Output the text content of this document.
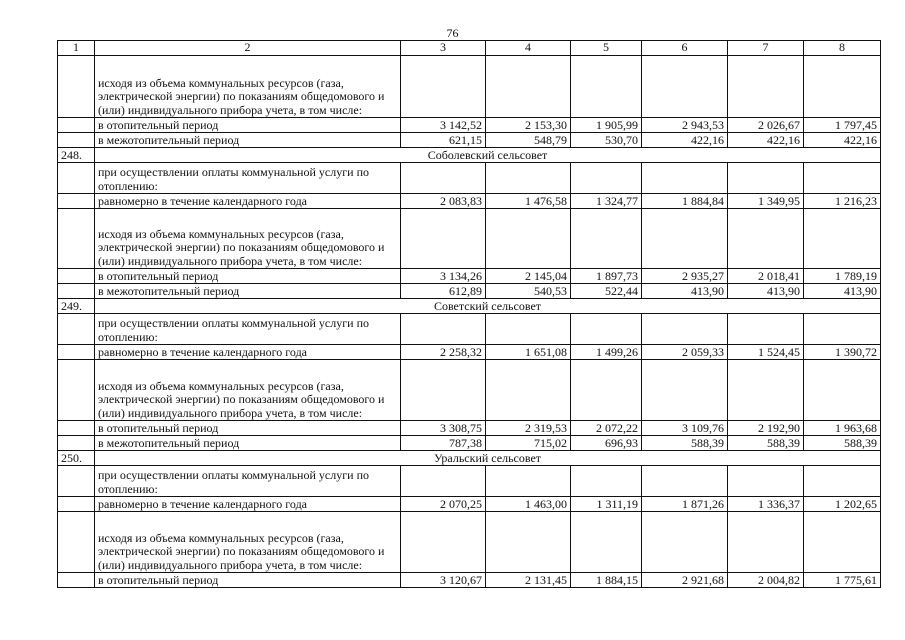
76
1	2	3	4	5	6	7	8
	исходя из объема коммунальных ресурсов (газа, электрической энергии) по показаниям общедомового и (или) индивидуального прибора учета, в том числе:						
	в отопительный период	3 142,52	2 153,30	1 905,99	2 943,53	2 026,67	1 797,45
	в межотопительный период	621,15	548,79	530,70	422,16	422,16	422,16
248.	Соболевский сельсовет						
	при осуществлении оплаты коммунальной услуги по отоплению:						
	равномерно в течение календарного года	2 083,83	1 476,58	1 324,77	1 884,84	1 349,95	1 216,23
	исходя из объема коммунальных ресурсов (газа, электрической энергии) по показаниям общедомового и (или) индивидуального прибора учета, в том числе:						
	в отопительный период	3 134,26	2 145,04	1 897,73	2 935,27	2 018,41	1 789,19
	в межотопительный период	612,89	540,53	522,44	413,90	413,90	413,90
249.	Советский сельсовет						
	при осуществлении оплаты коммунальной услуги по отоплению:						
	равномерно в течение календарного года	2 258,32	1 651,08	1 499,26	2 059,33	1 524,45	1 390,72
	исходя из объема коммунальных ресурсов (газа, электрической энергии) по показаниям общедомового и (или) индивидуального прибора учета, в том числе:						
	в отопительный период	3 308,75	2 319,53	2 072,22	3 109,76	2 192,90	1 963,68
	в межотопительный период	787,38	715,02	696,93	588,39	588,39	588,39
250.	Уральский сельсовет						
	при осуществлении оплаты коммунальной услуги по отоплению:						
	равномерно в течение календарного года	2 070,25	1 463,00	1 311,19	1 871,26	1 336,37	1 202,65
	исходя из объема коммунальных ресурсов (газа, электрической энергии) по показаниям общедомового и (или) индивидуального прибора учета, в том числе:						
	в отопительный период	3 120,67	2 131,45	1 884,15	2 921,68	2 004,82	1 775,61
